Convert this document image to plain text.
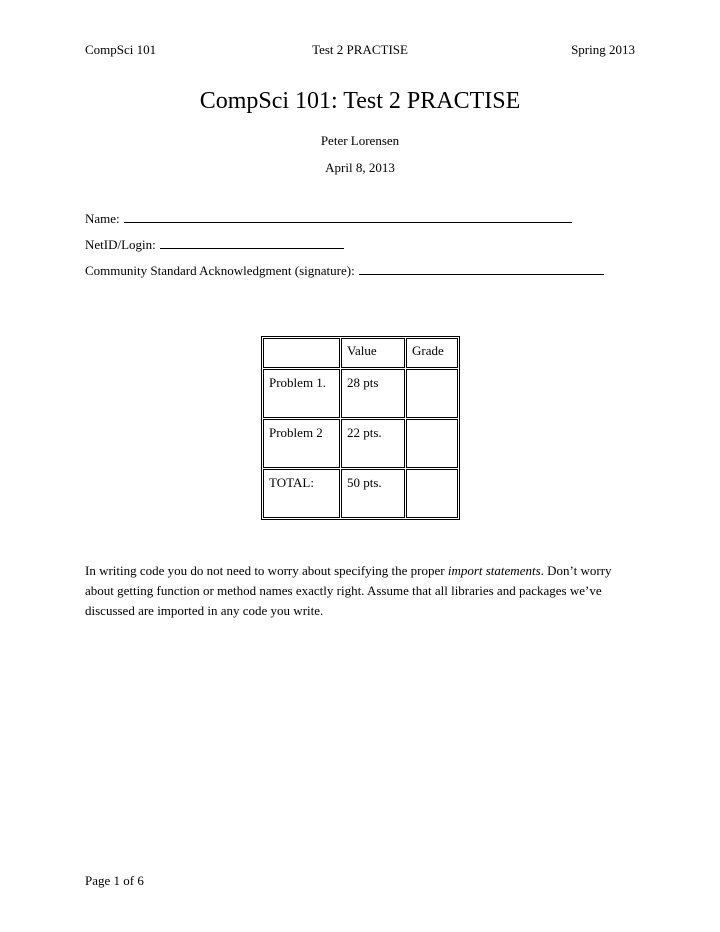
CompSci 101	Test 2 PRACTISE	Spring 2013
CompSci 101: Test 2 PRACTISE
Peter Lorensen
April 8, 2013
Name:
NetID/Login:
Community Standard Acknowledgment (signature):
	Value	Grade
Problem 1.	28 pts	
Problem 2	22 pts.	
TOTAL:	50 pts.	
In writing code you do not need to worry about specifying the proper import statements. Don’t worry about getting function or method names exactly right. Assume that all libraries and packages we’ve discussed are imported in any code you write.
Page 1 of 6
